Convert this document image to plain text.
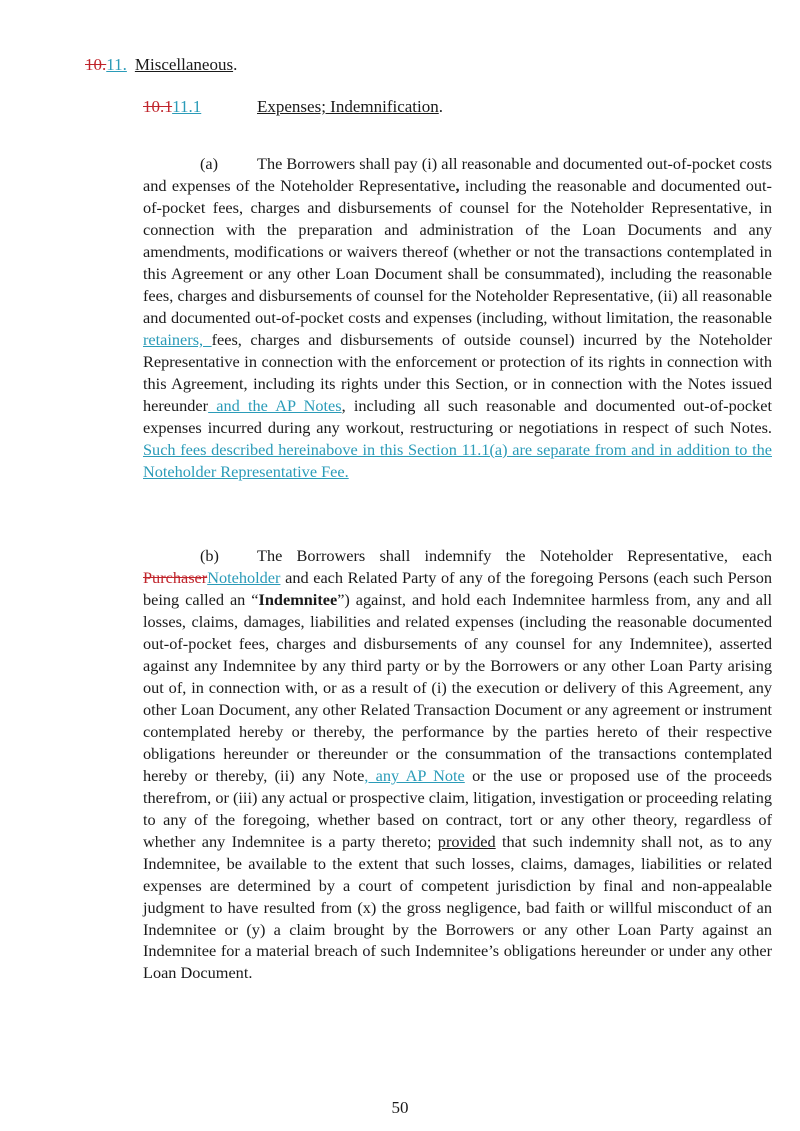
10.11. Miscellaneous.
10.111.1	Expenses; Indemnification.

(a) The Borrowers shall pay (i) all reasonable and documented out-of-pocket costs and expenses of the Noteholder Representative, including the reasonable and documented out-of-pocket fees, charges and disbursements of counsel for the Noteholder Representative, in connection with the preparation and administration of the Loan Documents and any amendments, modifications or waivers thereof (whether or not the transactions contemplated in this Agreement or any other Loan Document shall be consummated), including the reasonable fees, charges and disbursements of counsel for the Noteholder Representative, (ii) all reasonable and documented out-of-pocket costs and expenses (including, without limitation, the reasonable retainers, fees, charges and disbursements of outside counsel) incurred by the Noteholder Representative in connection with the enforcement or protection of its rights in connection with this Agreement, including its rights under this Section, or in connection with the Notes issued hereunder and the AP Notes, including all such reasonable and documented out-of-pocket expenses incurred during any workout, restructuring or negotiations in respect of such Notes. Such fees described hereinabove in this Section 11.1(a) are separate from and in addition to the Noteholder Representative Fee.

(b) The Borrowers shall indemnify the Noteholder Representative, each PurchaserNoteholder and each Related Party of any of the foregoing Persons (each such Person being called an “Indemnitee”) against, and hold each Indemnitee harmless from, any and all losses, claims, damages, liabilities and related expenses (including the reasonable documented out-of-pocket fees, charges and disbursements of any counsel for any Indemnitee), asserted against any Indemnitee by any third party or by the Borrowers or any other Loan Party arising out of, in connection with, or as a result of (i) the execution or delivery of this Agreement, any other Loan Document, any other Related Transaction Document or any agreement or instrument contemplated hereby or thereby, the performance by the parties hereto of their respective obligations hereunder or thereunder or the consummation of the transactions contemplated hereby or thereby, (ii) any Note, any AP Note or the use or proposed use of the proceeds therefrom, or (iii) any actual or prospective claim, litigation, investigation or proceeding relating to any of the foregoing, whether based on contract, tort or any other theory, regardless of whether any Indemnitee is a party thereto; provided that such indemnity shall not, as to any Indemnitee, be available to the extent that such losses, claims, damages, liabilities or related expenses are determined by a court of competent jurisdiction by final and non-appealable judgment to have resulted from (x) the gross negligence, bad faith or willful misconduct of an Indemnitee or (y) a claim brought by the Borrowers or any other Loan Party against an Indemnitee for a material breach of such Indemnitee’s obligations hereunder or under any other Loan Document.

50
